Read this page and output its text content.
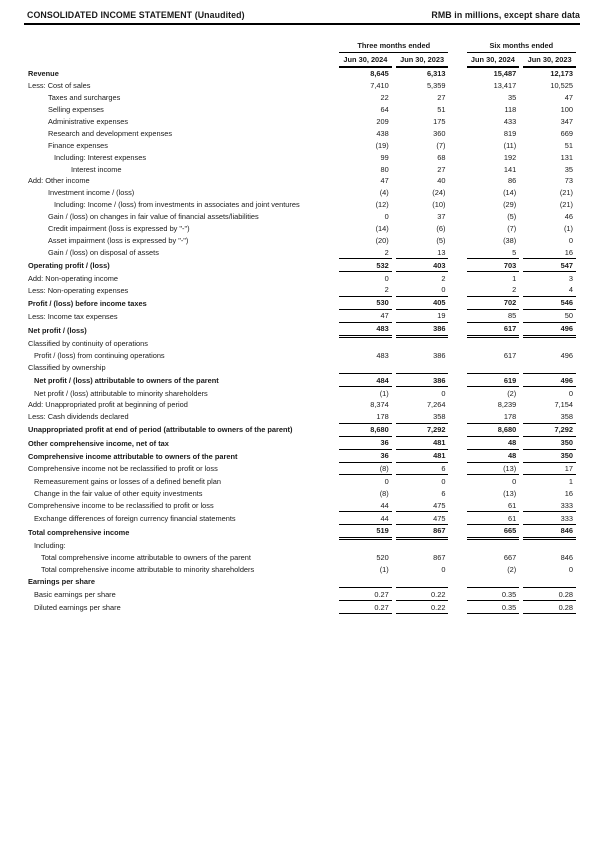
CONSOLIDATED INCOME STATEMENT (Unaudited)	RMB in millions, except share data
	Three months ended			Six months ended	
	Jun 30, 2024	Jun 30, 2023		Jun 30, 2024	Jun 30, 2023
Revenue	8,645	6,313		15,487	12,173
Less: Cost of sales	7,410	5,359		13,417	10,525
Taxes and surcharges	22	27		35	47
Selling expenses	64	51		118	100
Administrative expenses	209	175		433	347
Research and development expenses	438	360		819	669
Finance expenses	(19)	(7)		(11)	51
Including: Interest expenses	99	68		192	131
Interest income	80	27		141	35
Add: Other income	47	40		86	73
Investment income / (loss)	(4)	(24)		(14)	(21)
Including: Income / (loss) from investments in associates and joint ventures	(12)	(10)		(29)	(21)
Gain / (loss) on changes in fair value of financial assets/liabilities	0	37		(5)	46
Credit impairment (loss is expressed by "-")	(14)	(6)		(7)	(1)
Asset impairment (loss is expressed by "-")	(20)	(5)		(38)	0
Gain / (loss) on disposal of assets	2	13		5	16
Operating profit / (loss)	532	403		703	547
Add: Non-operating income	0	2		1	3
Less: Non-operating expenses	2	0		2	4
Profit / (loss) before income taxes	530	405		702	546
Less: Income tax expenses	47	19		85	50
Net profit / (loss)	483	386		617	496
Classified by continuity of operations					
Profit / (loss) from continuing operations	483	386		617	496
Classified by ownership					
Net profit / (loss) attributable to owners of the parent	484	386		619	496
Net profit / (loss) attributable to minority shareholders	(1)	0		(2)	0
Add: Unappropriated profit at beginning of period	8,374	7,264		8,239	7,154
Less: Cash dividends declared	178	358		178	358
Unappropriated profit at end of period (attributable to owners of the parent)	8,680	7,292		8,680	7,292
Other comprehensive income, net of tax	36	481		48	350
Comprehensive income attributable to owners of the parent	36	481		48	350
Comprehensive income not be reclassified to profit or loss	(8)	6		(13)	17
Remeasurement gains or losses of a defined benefit plan	0	0		0	1
Change in the fair value of other equity investments	(8)	6		(13)	16
Comprehensive income to be reclassified to profit or loss	44	475		61	333
Exchange differences of foreign currency financial statements	44	475		61	333
Total comprehensive income	519	867		665	846
Including:					
Total comprehensive income attributable to owners of the parent	520	867		667	846
Total comprehensive income attributable to minority shareholders	(1)	0		(2)	0
Earnings per share					
Basic earnings per share	0.27	0.22		0.35	0.28
Diluted earnings per share	0.27	0.22		0.35	0.28
